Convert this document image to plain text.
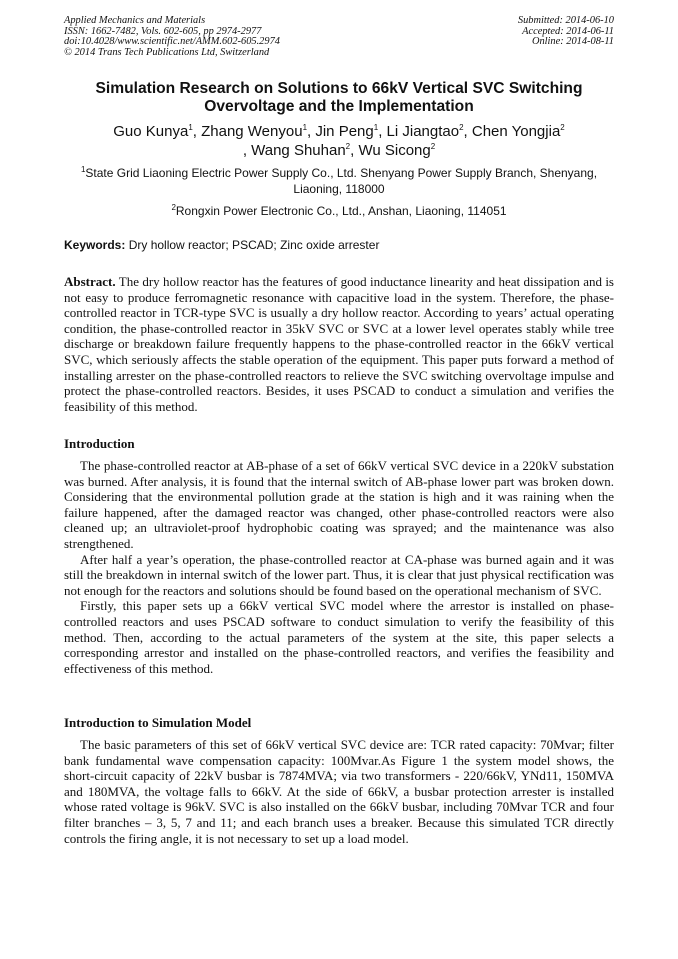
Applied Mechanics and Materials
ISSN: 1662-7482, Vols. 602-605, pp 2974-2977
doi:10.4028/www.scientific.net/AMM.602-605.2974
© 2014 Trans Tech Publications Ltd, Switzerland
Submitted: 2014-06-10
Accepted: 2014-06-11
Online: 2014-08-11
Simulation Research on Solutions to 66kV Vertical SVC Switching Overvoltage and the Implementation
Guo Kunya$^1$, Zhang Wenyou$^1$, Jin Peng$^1$, Li Jiangtao$^2$, Chen Yongjia$^2$
, Wang Shuhan$^2$, Wu Sicong$^2$
$^1$State Grid Liaoning Electric Power Supply Co., Ltd. Shenyang Power Supply Branch, Shenyang, Liaoning, 118000
$^2$Rongxin Power Electronic Co., Ltd., Anshan, Liaoning, 114051
Keywords: Dry hollow reactor; PSCAD; Zinc oxide arrester

Abstract. The dry hollow reactor has the features of good inductance linearity and heat dissipation and is not easy to produce ferromagnetic resonance with capacitive load in the system. Therefore, the phase-controlled reactor in TCR-type SVC is usually a dry hollow reactor. According to years’ actual operating condition, the phase-controlled reactor in 35kV SVC or SVC at a lower level operates stably while tree discharge or breakdown failure frequently happens to the phase-controlled reactor in the 66kV vertical SVC, which seriously affects the stable operation of the equipment. This paper puts forward a method of installing arrester on the phase-controlled reactors to relieve the SVC switching overvoltage impulse and protect the phase-controlled reactors. Besides, it uses PSCAD to conduct a simulation and verifies the feasibility of this method.

Introduction

The phase-controlled reactor at AB-phase of a set of 66kV vertical SVC device in a 220kV substation was burned. After analysis, it is found that the internal switch of AB-phase lower part was broken down. Considering that the environmental pollution grade at the station is high and it was raining when the failure happened, after the damaged reactor was changed, other phase-controlled reactors were also cleaned up; an ultraviolet-proof hydrophobic coating was sprayed; and the maintenance was also strengthened.

After half a year’s operation, the phase-controlled reactor at CA-phase was burned again and it was still the breakdown in internal switch of the lower part. Thus, it is clear that just physical rectification was not enough for the reactors and solutions should be found based on the operational mechanism of SVC.

Firstly, this paper sets up a 66kV vertical SVC model where the arrestor is installed on phase-controlled reactors and uses PSCAD software to conduct simulation to verify the feasibility of this method. Then, according to the actual parameters of the system at the site, this paper selects a corresponding arrestor and installed on the phase-controlled reactors, and verifies the feasibility and effectiveness of this method.

Introduction to Simulation Model

The basic parameters of this set of 66kV vertical SVC device are: TCR rated capacity: 70Mvar; filter bank fundamental wave compensation capacity: 100Mvar.As Figure 1 the system model shows, the short-circuit capacity of 22kV busbar is 7874MVA; via two transformers - 220/66kV, YNd11, 150MVA and 180MVA, the voltage falls to 66kV. At the side of 66kV, a busbar protection arrester is installed whose rated voltage is 96kV. SVC is also installed on the 66kV busbar, including 70Mvar TCR and four filter branches – 3, 5, 7 and 11; and each branch uses a breaker. Because this simulated TCR directly controls the firing angle, it is not necessary to set up a load model.
